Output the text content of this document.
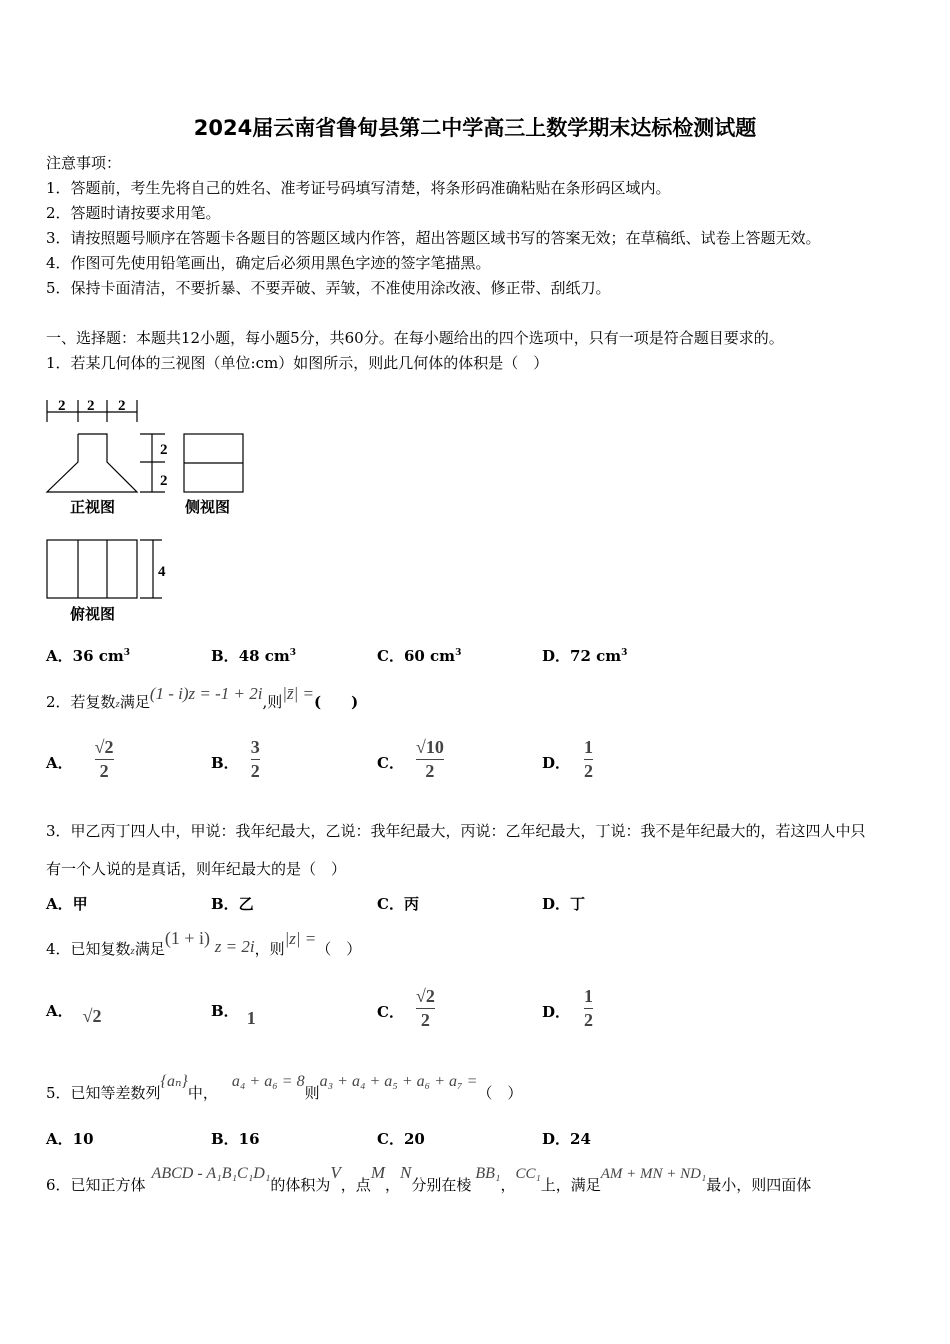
2024届云南省鲁甸县第二中学高三上数学期末达标检测试题
注意事项：
1．答题前，考生先将自己的姓名、准考证号码填写清楚，将条形码准确粘贴在条形码区域内。
2．答题时请按要求用笔。
3．请按照题号顺序在答题卡各题目的答题区域内作答，超出答题区域书写的答案无效；在草稿纸、试卷上答题无效。
4．作图可先使用铅笔画出，确定后必须用黑色字迹的签字笔描黑。
5．保持卡面清洁，不要折暴、不要弄破、弄皱，不准使用涂改液、修正带、刮纸刀。
一、选择题：本题共12小题，每小题5分，共60分。在每小题给出的四个选项中，只有一项是符合题目要求的。
1．若某几何体的三视图（单位:cm）如图所示，则此几何体的体积是（　）
2 2 2
2
2
4
正视图	侧视图
俯视图
A．36 $cm^3$	B．48 $cm^3$	C．60 $cm^3$	D．72 $cm^3$
2．若复数$_z$满足(1 - i)z = -1 + 2i,则|z̄| =(　　)
A． $\frac{√2}{2}$	B． $\frac{3}{2}$	C． $\frac{√10}{2}$	D． $\frac{1}{2}$
3．甲乙丙丁四人中，甲说：我年纪最大，乙说：我年纪最大，丙说：乙年纪最大，丁说：我不是年纪最大的，若这四人中只
有一个人说的是真话，则年纪最大的是（　）
A．甲	B．乙	C．丙	D．丁
4．已知复数$_z$满足(1 + i) z = 2i，则|z| =（　）
A． √2	B． 1	C． $\frac{√2}{2}$	D． $\frac{1}{2}$
5．已知等差数列{aₙ}中，a₄ + a₆ = 8则a₃ + a₄ + a₅ + a₆ + a₇ =（　）
A．10	B．16	C．20	D．24
6．已知正方体ABCD - A₁B₁C₁D₁的体积为V，点M，N分别在棱BB₁，CC₁上，满足AM + MN + ND₁最小，则四面体
